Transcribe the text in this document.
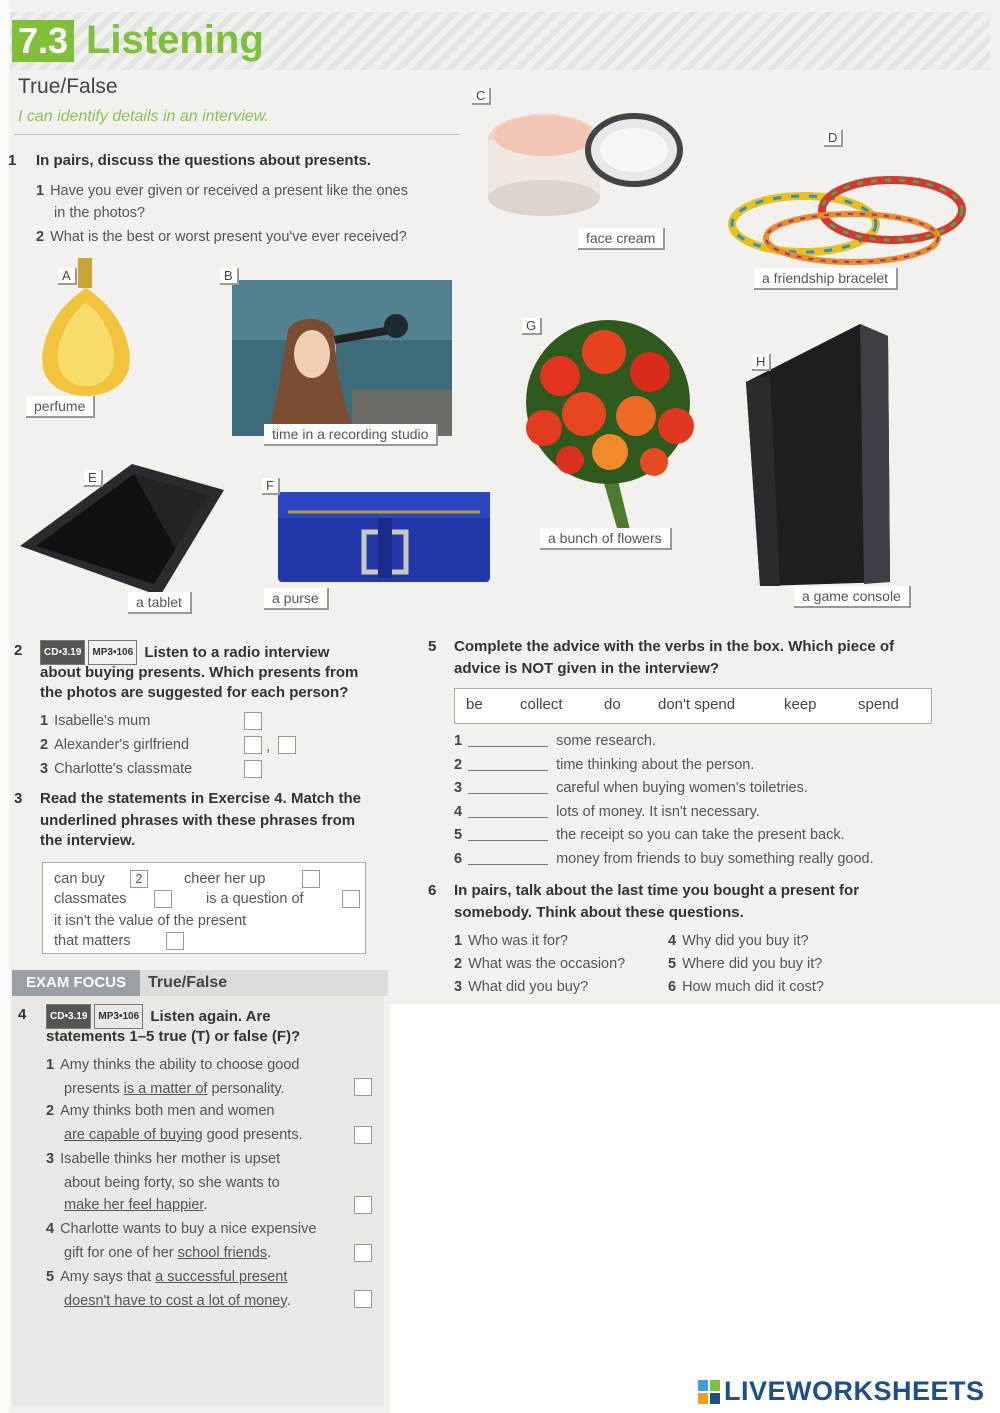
7.3 Listening
True/False
I can identify details in an interview.
1 In pairs, discuss the questions about presents.
1 Have you ever given or received a present like the ones
in the photos?
2 What is the best or worst present you've ever received?
C
face cream
D
a friendship bracelet
A
perfume
B
time in a recording studio
G
a bunch of flowers
H
a game console
E
a tablet
F
a purse
2	CD•3.19 MP3•106 Listen to a radio interview
about buying presents. Which presents from
the photos are suggested for each person?
1 Isabelle's mum
2 Alexander's girlfriend	,
3 Charlotte's classmate
3 Read the statements in Exercise 4. Match the
underlined phrases with these phrases from
the interview.
can buy	2	cheer her up
classmates	is a question of
it isn't the value of the present
that matters
EXAM FOCUS	True/False
4	CD•3.19 MP3•106 Listen again. Are
statements 1–5 true (T) or false (F)?
1 Amy thinks the ability to choose good
presents is a matter of personality.
2 Amy thinks both men and women
are capable of buying good presents.
3 Isabelle thinks her mother is upset
about being forty, so she wants to
make her feel happier.
4 Charlotte wants to buy a nice expensive
gift for one of her school friends.
5 Amy says that a successful present
doesn't have to cost a lot of money.
5 Complete the advice with the verbs in the box. Which piece of
advice is NOT given in the interview?
be collect	do don't spend	keep	spend
1	some research.
2	time thinking about the person.
3	careful when buying women's toiletries.
4	lots of money. It isn't necessary.
5	the receipt so you can take the present back.
6	money from friends to buy something really good.
6 In pairs, talk about the last time you bought a present for
somebody. Think about these questions.
1 Who was it for?
2 What was the occasion?
3 What did you buy?
4 Why did you buy it?
5 Where did you buy it?
6 How much did it cost?
LIVEWORKSHEETS
